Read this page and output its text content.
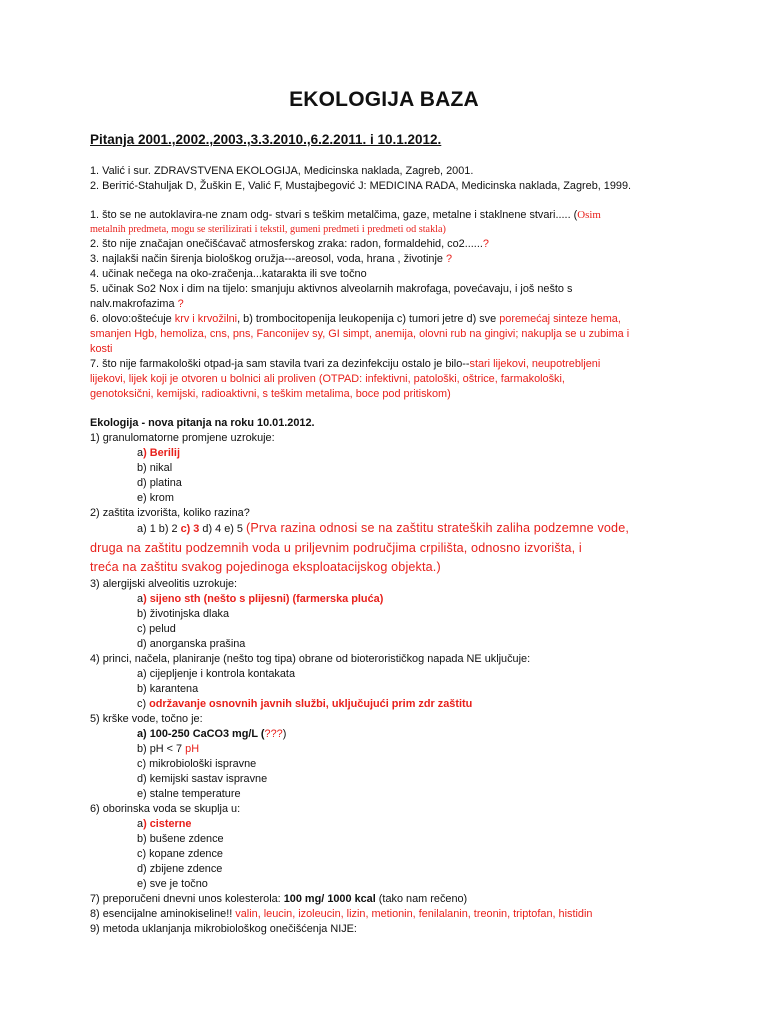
EKOLOGIJA BAZA
Pitanja 2001.,2002.,2003.,3.3.2010.,6.2.2011. i 10.1.2012.
1. Valić i sur. ZDRAVSTVENA EKOLOGIJA, Medicinska naklada, Zagreb, 2001.
2. Berітić-Stahuljak D, Žuškin E, Valić F, Mustajbegović J: MEDICINA RADA, Medicinska naklada, Zagreb, 1999.
1. što se ne autoklavira-ne znam odg- stvari s teškim metalčima, gaze, metalne i staklnene stvari..... (Osim
metalnih predmeta, mogu se sterilizirati i tekstil, gumeni predmeti i predmeti od stakla)
2. što nije značajan onečišćavač atmosferskog zraka: radon, formaldehid, co2......?
3. najlakši način širenja biološkog oružja---areosol, voda, hrana , životinje ?
4. učinak nečega na oko-zračenja...katarakta ili sve točno
5. učinak So2 Nox i dim na tijelo: smanjuju aktivnos alveolarnih makrofaga, povećavaju, i još nešto s
nalv.makrofazima ?
6. olovo:oštećuje krv i krvožilni, b) trombocitopenija leukopenija c) tumori jetre d) sve poremećaj sinteze hema,
smanjen Hgb, hemoliza, cns, pns, Fanconijev sy, GI simpt, anemija, olovni rub na gingivi; nakuplja se u zubima i
kosti
7. što nije farmakološki otpad-ja sam stavila tvari za dezinfekciju ostalo je bilo--stari lijekovi, neupotrebljeni
lijekovi, lijek koji je otvoren u bolnici ali proliven (OTPAD: infektivni, patološki, oštrice, farmakološki,
genotoksični, kemijski, radioaktivni, s teškim metalima, boce pod pritiskom)
Ekologija - nova pitanja na roku 10.01.2012.
1) granulomatorne promjene uzrokuje:
a) Berilij
b) nikal
d) platina
e) krom
2) zaštita izvorišta, koliko razina?
a) 1 b) 2 c) 3 d) 4 e) 5 (Prva razina odnosi se na zaštitu strateških zaliha podzemne vode,
druga na zaštitu podzemnih voda u priljevnim područjima crpilišta, odnosno izvorišta, i
treća na zaštitu svakog pojedinoga eksploatacijskog objekta.)
3) alergijski alveolitis uzrokuje:
a) sijeno sth (nešto s plijesni) (farmerska pluća)
b) životinjska dlaka
c) pelud
d) anorganska prašina
4) princi, načela, planiranje (nešto tog tipa) obrane od bioterorističkog napada NE uključuje:
a) cijepljenje i kontrola kontakata
b) karantena
c) održavanje osnovnih javnih službi, uključujući prim zdr zaštitu
5) krške vode, točno je:
a) 100-250 CaCO3 mg/L (???)
b) pH < 7 pH
c) mikrobiološki ispravne
d) kemijski sastav ispravne
e) stalne temperature
6) oborinska voda se skuplja u:
a) cisterne
b) bušene zdence
c) kopane zdence
d) zbijene zdence
e) sve je točno
7) preporučeni dnevni unos kolesterola: 100 mg/ 1000 kcal (tako nam rečeno)
8) esencijalne aminokiseline!! valin, leucin, izoleucin, lizin, metionin, fenilalanin, treonin, triptofan, histidin
9) metoda uklanjanja mikrobiološkog onečišćenja NIJE:
